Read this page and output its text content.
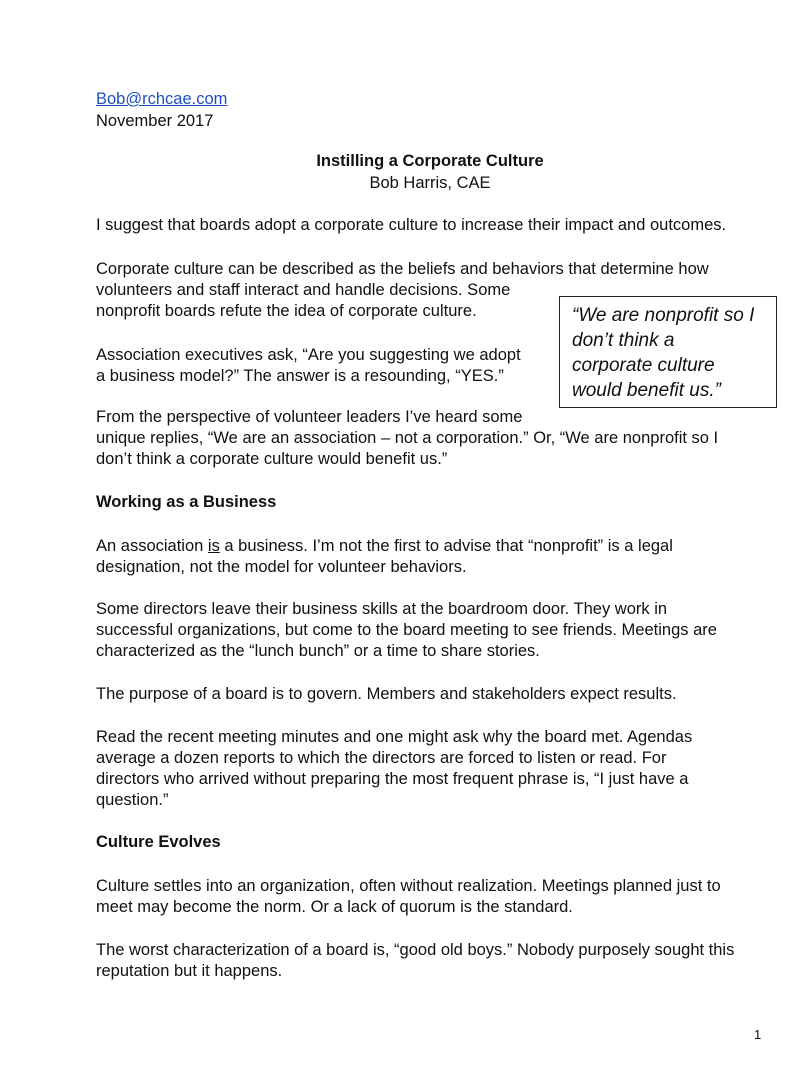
Bob@rchcae.com

November 2017

Instilling a Corporate Culture

Bob Harris, CAE

I suggest that boards adopt a corporate culture to increase their impact and outcomes.

Corporate culture can be described as the beliefs and behaviors that determine how

volunteers and staff interact and handle decisions. Some

nonprofit boards refute the idea of corporate culture.

Association executives ask, “Are you suggesting we adopt

a business model?” The answer is a resounding, “YES.”

From the perspective of volunteer leaders I’ve heard some

unique replies, “We are an association – not a corporation.” Or, “We are nonprofit so I

don’t think a corporate culture would benefit us.”

Working as a Business

An association is a business. I’m not the first to advise that “nonprofit” is a legal

designation, not the model for volunteer behaviors.

Some directors leave their business skills at the boardroom door. They work in

successful organizations, but come to the board meeting to see friends. Meetings are

characterized as the “lunch bunch” or a time to share stories.

The purpose of a board is to govern. Members and stakeholders expect results.

Read the recent meeting minutes and one might ask why the board met. Agendas

average a dozen reports to which the directors are forced to listen or read. For

directors who arrived without preparing the most frequent phrase is, “I just have a

question.”

Culture Evolves

Culture settles into an organization, often without realization. Meetings planned just to

meet may become the norm. Or a lack of quorum is the standard.

The worst characterization of a board is, “good old boys.” Nobody purposely sought this

reputation but it happens.

“We are nonprofit so I

don’t think a

corporate culture

would benefit us.”

1
